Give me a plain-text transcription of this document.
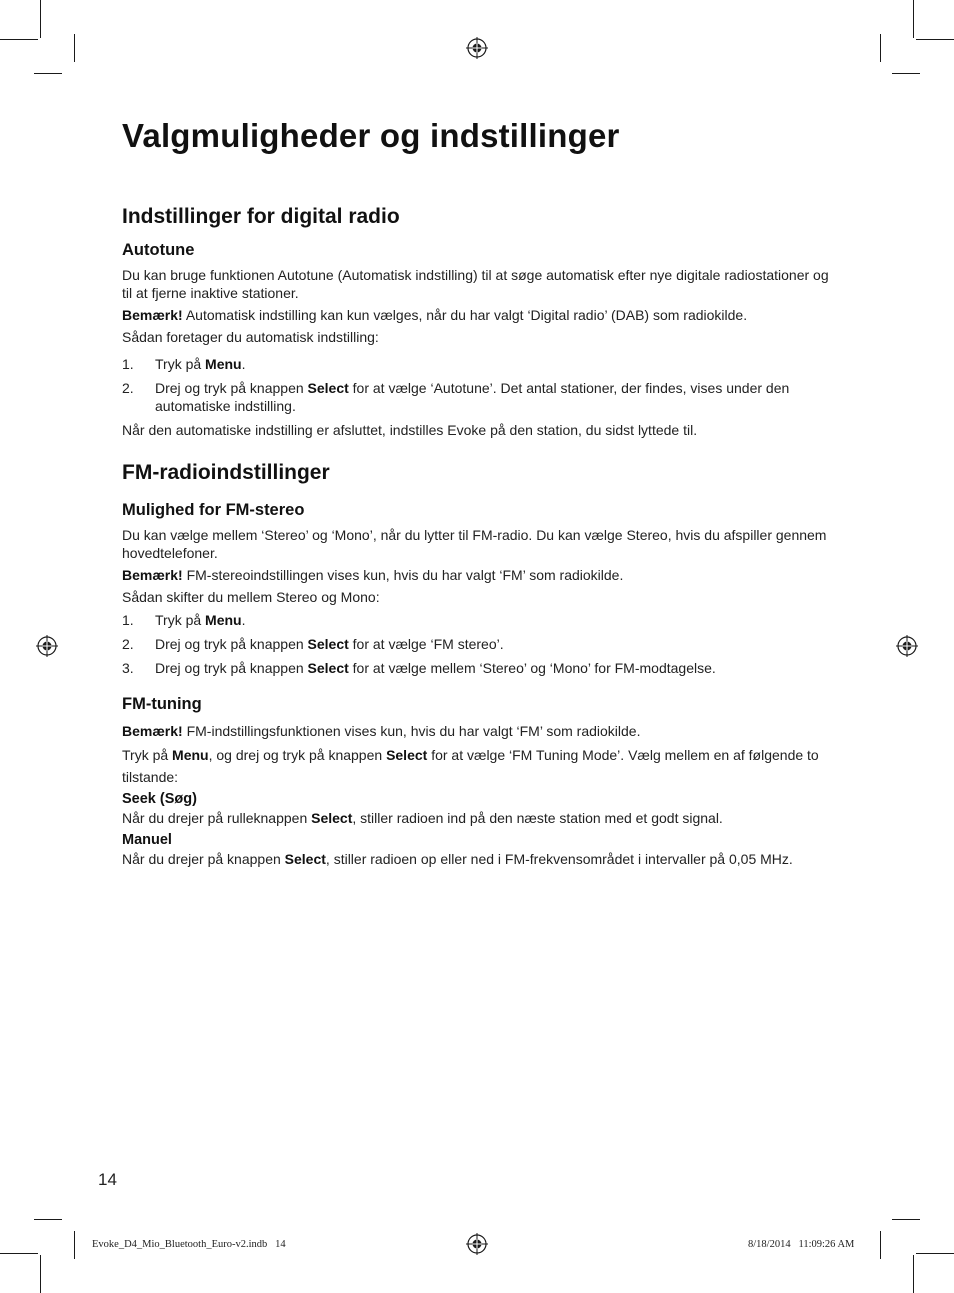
Valgmuligheder og indstillinger
Indstillinger for digital radio
Autotune

Du kan bruge funktionen Autotune (Automatisk indstilling) til at søge automatisk efter nye digitale radiostationer og til at fjerne inaktive stationer.

Bemærk! Automatisk indstilling kan kun vælges, når du har valgt ‘Digital radio’ (DAB) som radiokilde.

Sådan foretager du automatisk indstilling:

1. Tryk på Menu.
2. Drej og tryk på knappen Select for at vælge ‘Autotune’. Det antal stationer, der findes, vises under den automatiske indstilling.

Når den automatiske indstilling er afsluttet, indstilles Evoke på den station, du sidst lyttede til.

FM-radioindstillinger
Mulighed for FM-stereo

Du kan vælge mellem ‘Stereo’ og ‘Mono’, når du lytter til FM-radio. Du kan vælge Stereo, hvis du afspiller gennem hovedtelefoner.

Bemærk! FM-stereoindstillingen vises kun, hvis du har valgt ‘FM’ som radiokilde.

Sådan skifter du mellem Stereo og Mono:

1. Tryk på Menu.
2. Drej og tryk på knappen Select for at vælge ‘FM stereo’.
3. Drej og tryk på knappen Select for at vælge mellem ‘Stereo’ og ‘Mono’ for FM-modtagelse.
FM-tuning

Bemærk! FM-indstillingsfunktionen vises kun, hvis du har valgt ‘FM’ som radiokilde.

Tryk på Menu, og drej og tryk på knappen Select for at vælge ‘FM Tuning Mode’. Vælg mellem en af følgende to tilstande:

Seek (Søg)

Når du drejer på rulleknappen Select, stiller radioen ind på den næste station med et godt signal.

Manuel

Når du drejer på knappen Select, stiller radioen op eller ned i FM-frekvensområdet i intervaller på 0,05 MHz.

14
Evoke_D4_Mio_Bluetooth_Euro-v2.indb   14	8/18/2014   11:09:26 AM
